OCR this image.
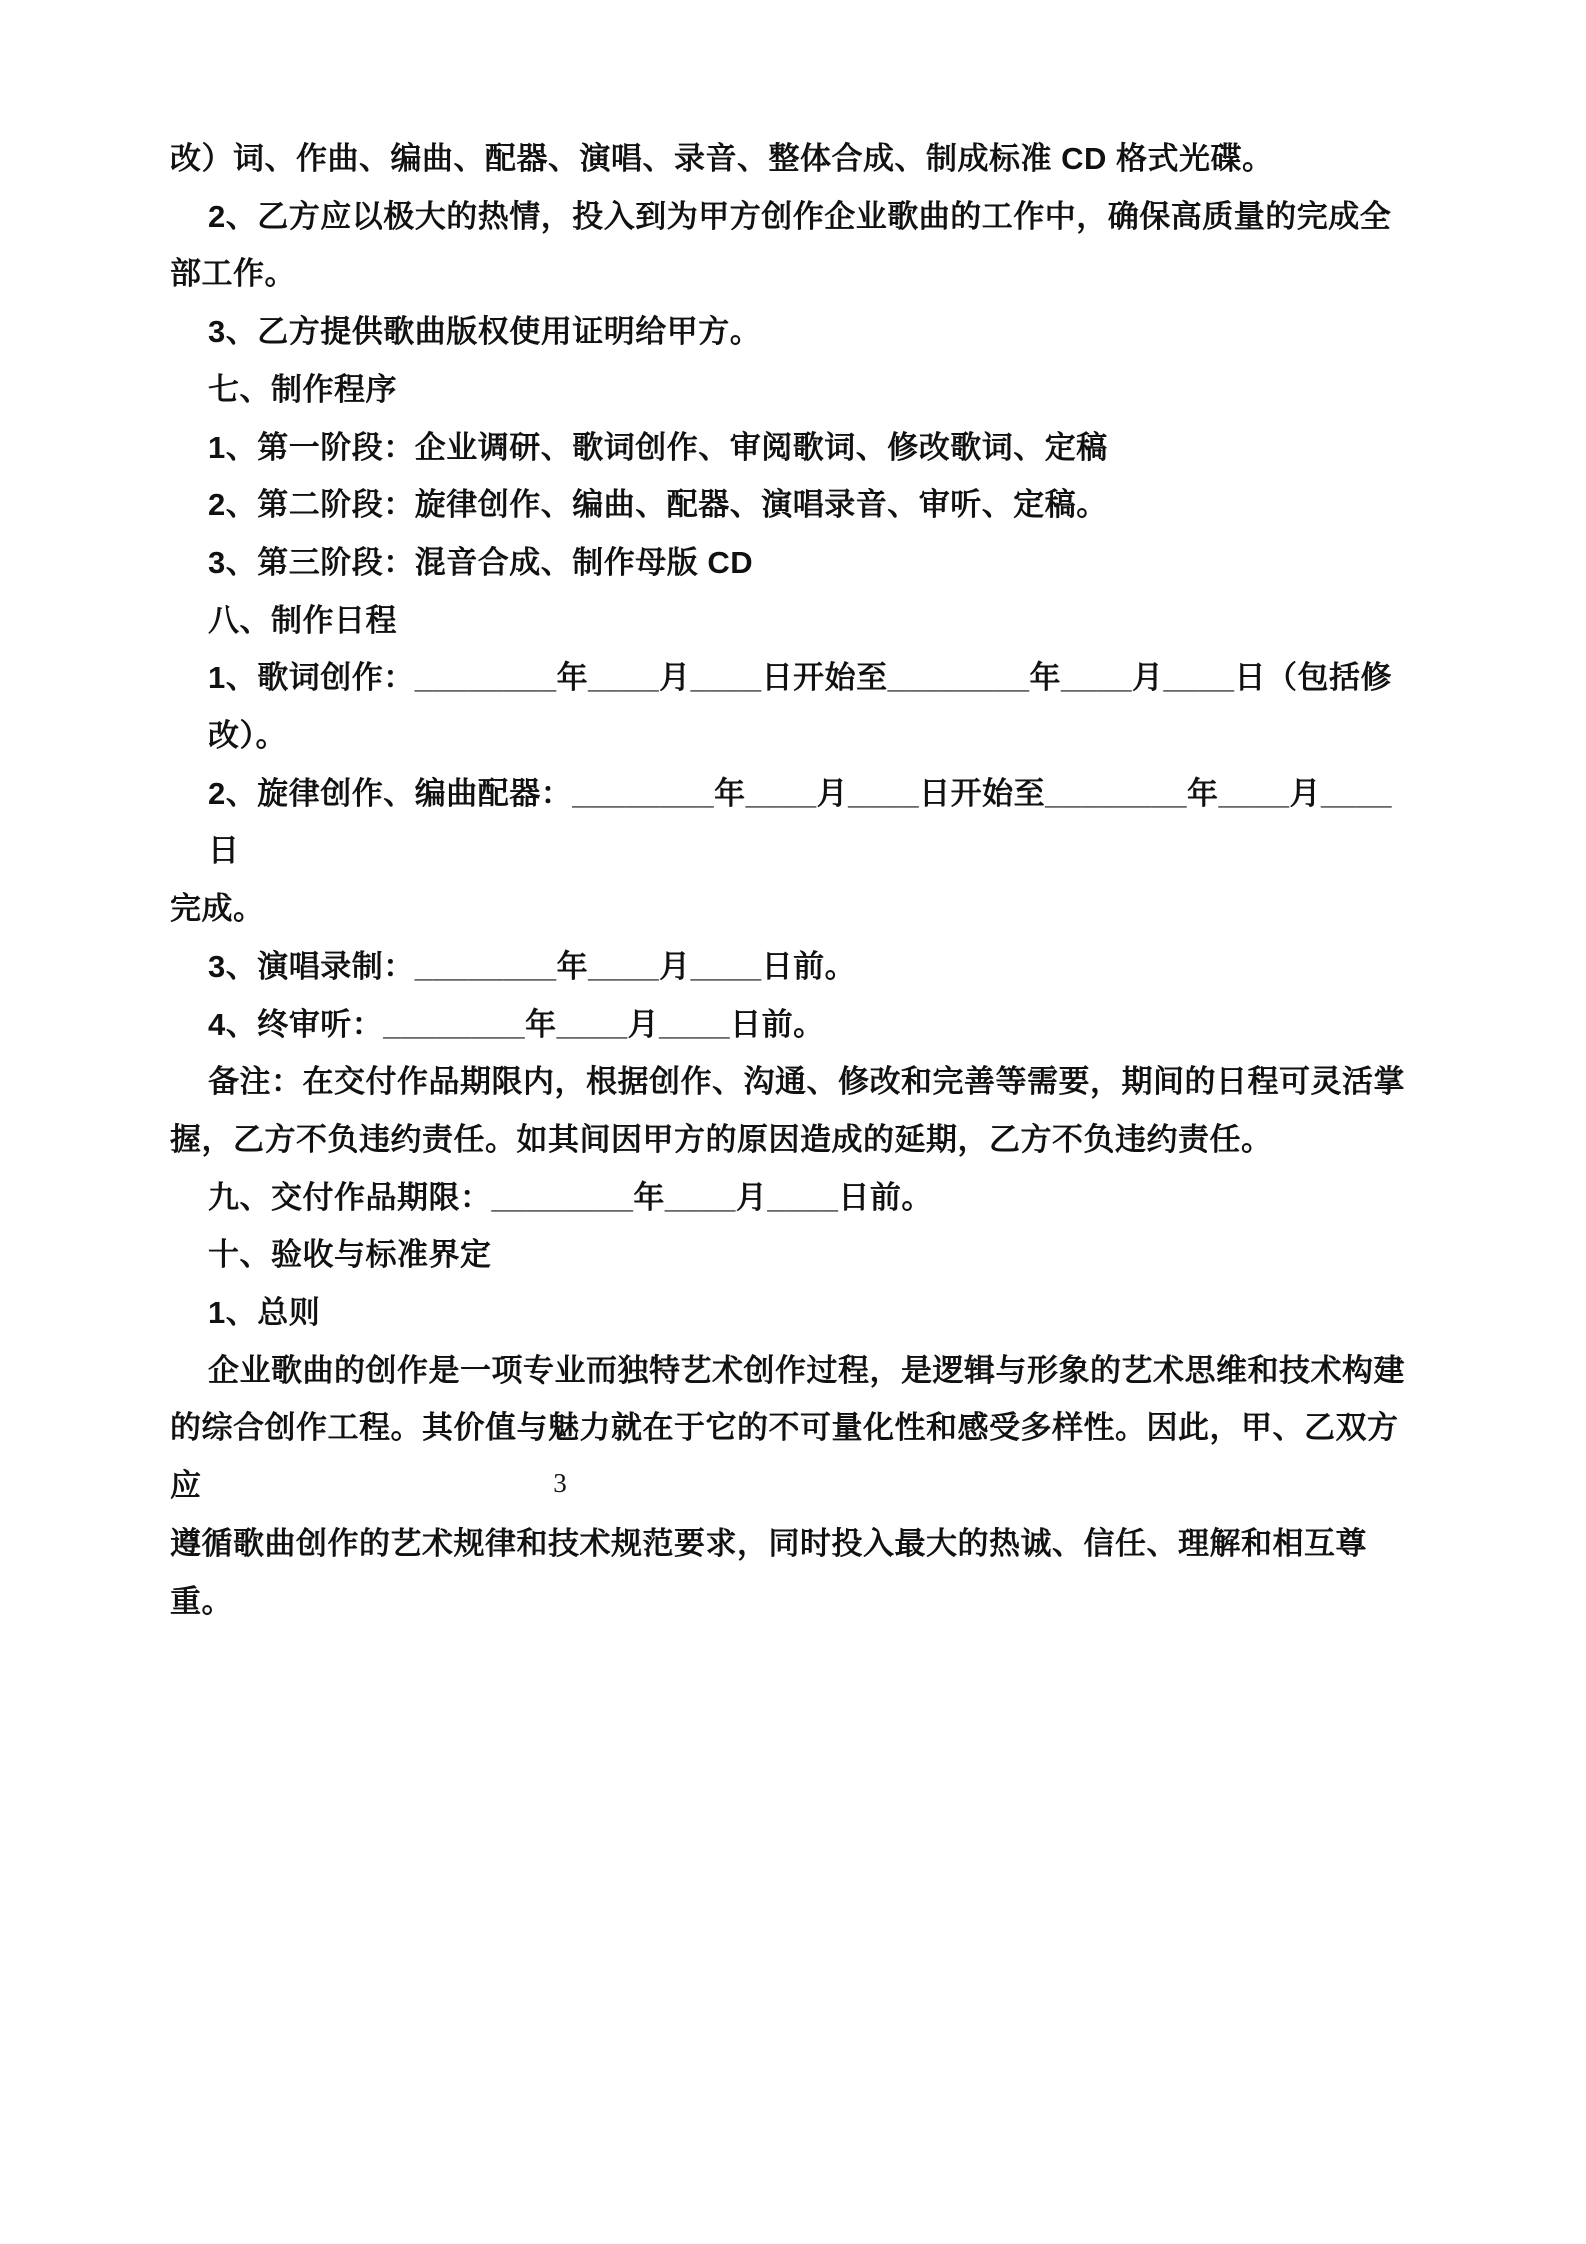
改）词、作曲、编曲、配器、演唱、录音、整体合成、制成标准 CD 格式光碟。
2、乙方应以极大的热情，投入到为甲方创作企业歌曲的工作中，确保高质量的完成全
部工作。
3、乙方提供歌曲版权使用证明给甲方。
七、制作程序
1、第一阶段：企业调研、歌词创作、审阅歌词、修改歌词、定稿
2、第二阶段：旋律创作、编曲、配器、演唱录音、审听、定稿。
3、第三阶段：混音合成、制作母版 CD
八、制作日程
1、歌词创作：________年____月____日开始至________年____月____日（包括修改）。
2、旋律创作、编曲配器：________年____月____日开始至________年____月____日
完成。
3、演唱录制：________年____月____日前。
4、终审听：________年____月____日前。
备注：在交付作品期限内，根据创作、沟通、修改和完善等需要，期间的日程可灵活掌
握，乙方不负违约责任。如其间因甲方的原因造成的延期，乙方不负违约责任。
九、交付作品期限：________年____月____日前。
十、验收与标准界定
1、总则
企业歌曲的创作是一项专业而独特艺术创作过程，是逻辑与形象的艺术思维和技术构建
的综合创作工程。其价值与魅力就在于它的不可量化性和感受多样性。因此，甲、乙双方应
遵循歌曲创作的艺术规律和技术规范要求，同时投入最大的热诚、信任、理解和相互尊重。
3
